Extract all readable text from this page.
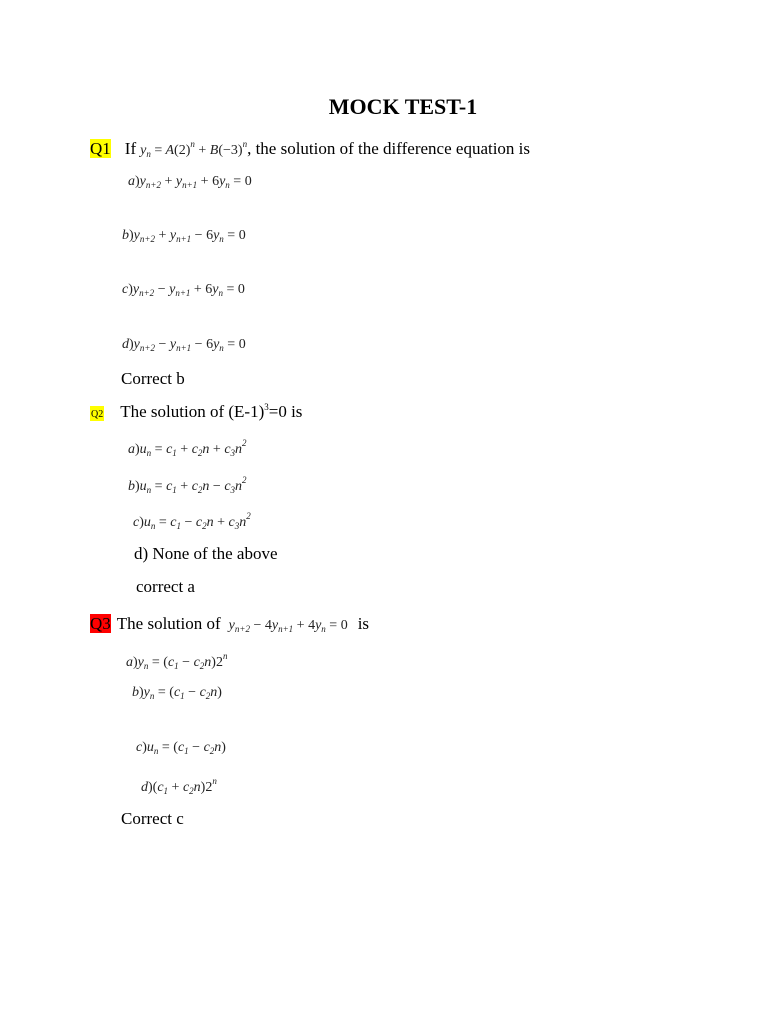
MOCK TEST-1
Q1 If $y_n = A(2)^n + B(-3)^n$, the solution of the difference equation is
$a)y_{n+2} + y_{n+1} + 6y_n = 0$
$b)y_{n+2} + y_{n+1} - 6y_n = 0$
$c)y_{n+2} - y_{n+1} + 6y_n = 0$
$d)y_{n+2} - y_{n+1} - 6y_n = 0$
Correct b
Q2 The solution of $(E-1)^3=0$ is
$a)u_n = c_1 + c_2n + c_3n^2$
$b)u_n = c_1 + c_2n - c_3n^2$
$c)u_n = c_1 - c_2n + c_3n^2$
d) None of the above
correct a
Q3 The solution of $y_{n+2} - 4y_{n+1} + 4y_n = 0$ is
$a)y_n = (c_1 - c_2n)2^n$
$b)y_n = (c_1 - c_2n)$
$c)u_n = (c_1 - c_2n)$
$d)(c_1 + c_2n)2^n$
Correct c
